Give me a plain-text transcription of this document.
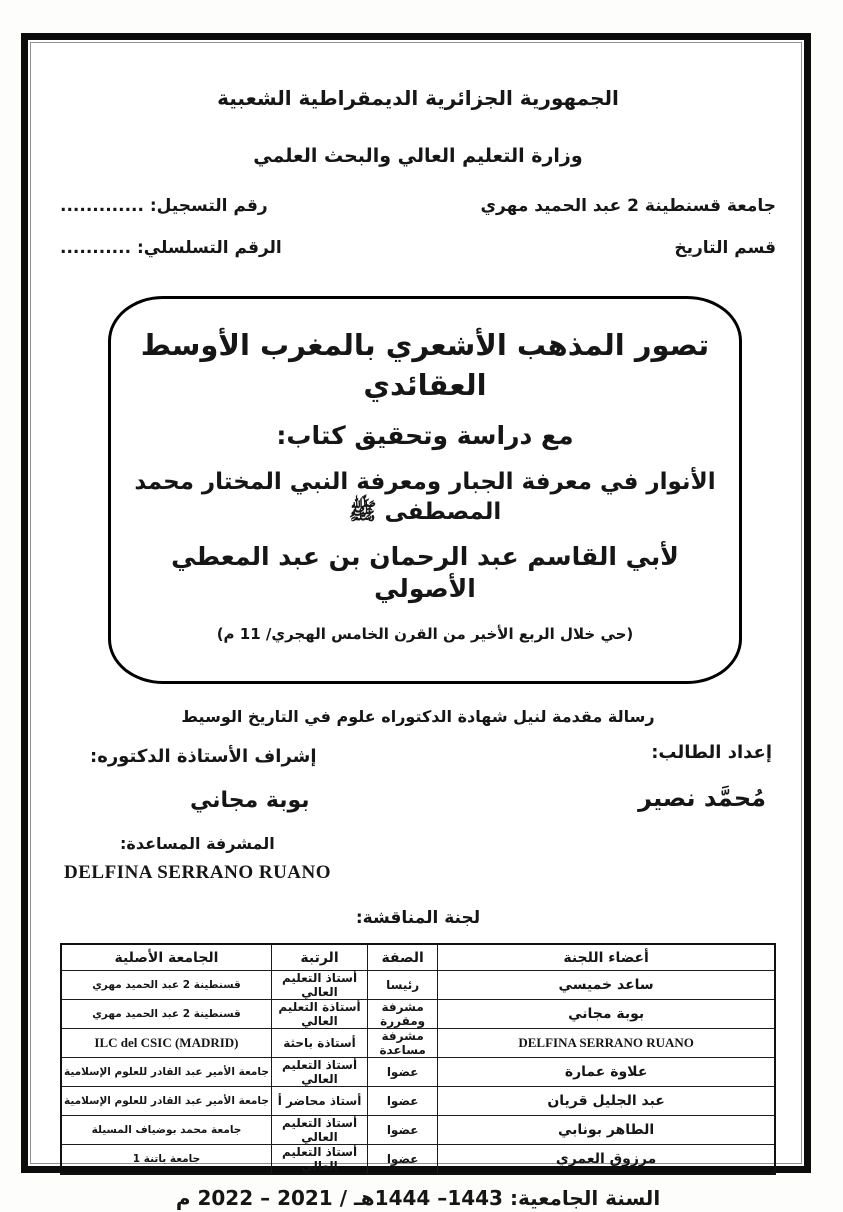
الجمهورية الجزائرية الديمقراطية الشعبية
وزارة التعليم العالي والبحث العلمي
جامعة قسنطينة 2 عبد الحميد مهري
رقم التسجيل: .............
قسم التاريخ
الرقم التسلسلي: ...........
تصور المذهب الأشعري بالمغرب الأوسط العقائدي
مع دراسة وتحقيق كتاب:
الأنوار في معرفة الجبار ومعرفة النبي المختار محمد المصطفى ﷺ
لأبي القاسم عبد الرحمان بن عبد المعطي الأصولي
(حي خلال الربع الأخير من القرن الخامس الهجري/ 11 م)
رسالة مقدمة لنيل شهادة الدكتوراه علوم في التاريخ الوسيط
إعداد الطالب:
مُحمَّد نصير
إشراف الأستاذة الدكتوره:
بوبة مجاني
المشرفة المساعدة:
DELFINA SERRANO RUANO
لجنة المناقشة:
أعضاء اللجنة	الصفة	الرتبة	الجامعة الأصلية
ساعد خميسي	رئيسا	أستاذ التعليم العالي	قسنطينة 2 عبد الحميد مهري
بوبة مجاني	مشرفة ومقررة	أستاذة التعليم العالي	قسنطينة 2 عبد الحميد مهري
DELFINA SERRANO RUANO	مشرفة مساعدة	أستاذة باحثة	ILC del CSIC (MADRID)
علاوة عمارة	عضوا	أستاذ التعليم العالي	جامعة الأمير عبد القادر للعلوم الإسلامية
عبد الجليل قريان	عضوا	أستاذ محاضر أ	جامعة الأمير عبد القادر للعلوم الإسلامية
الطاهر بونابي	عضوا	أستاذ التعليم العالي	جامعة محمد بوضياف المسيلة
مرزوق العمري	عضوا	أستاذ التعليم العالي	جامعة باتنة 1
السنة الجامعية: 1443– 1444هـ / 2021 – 2022 م
